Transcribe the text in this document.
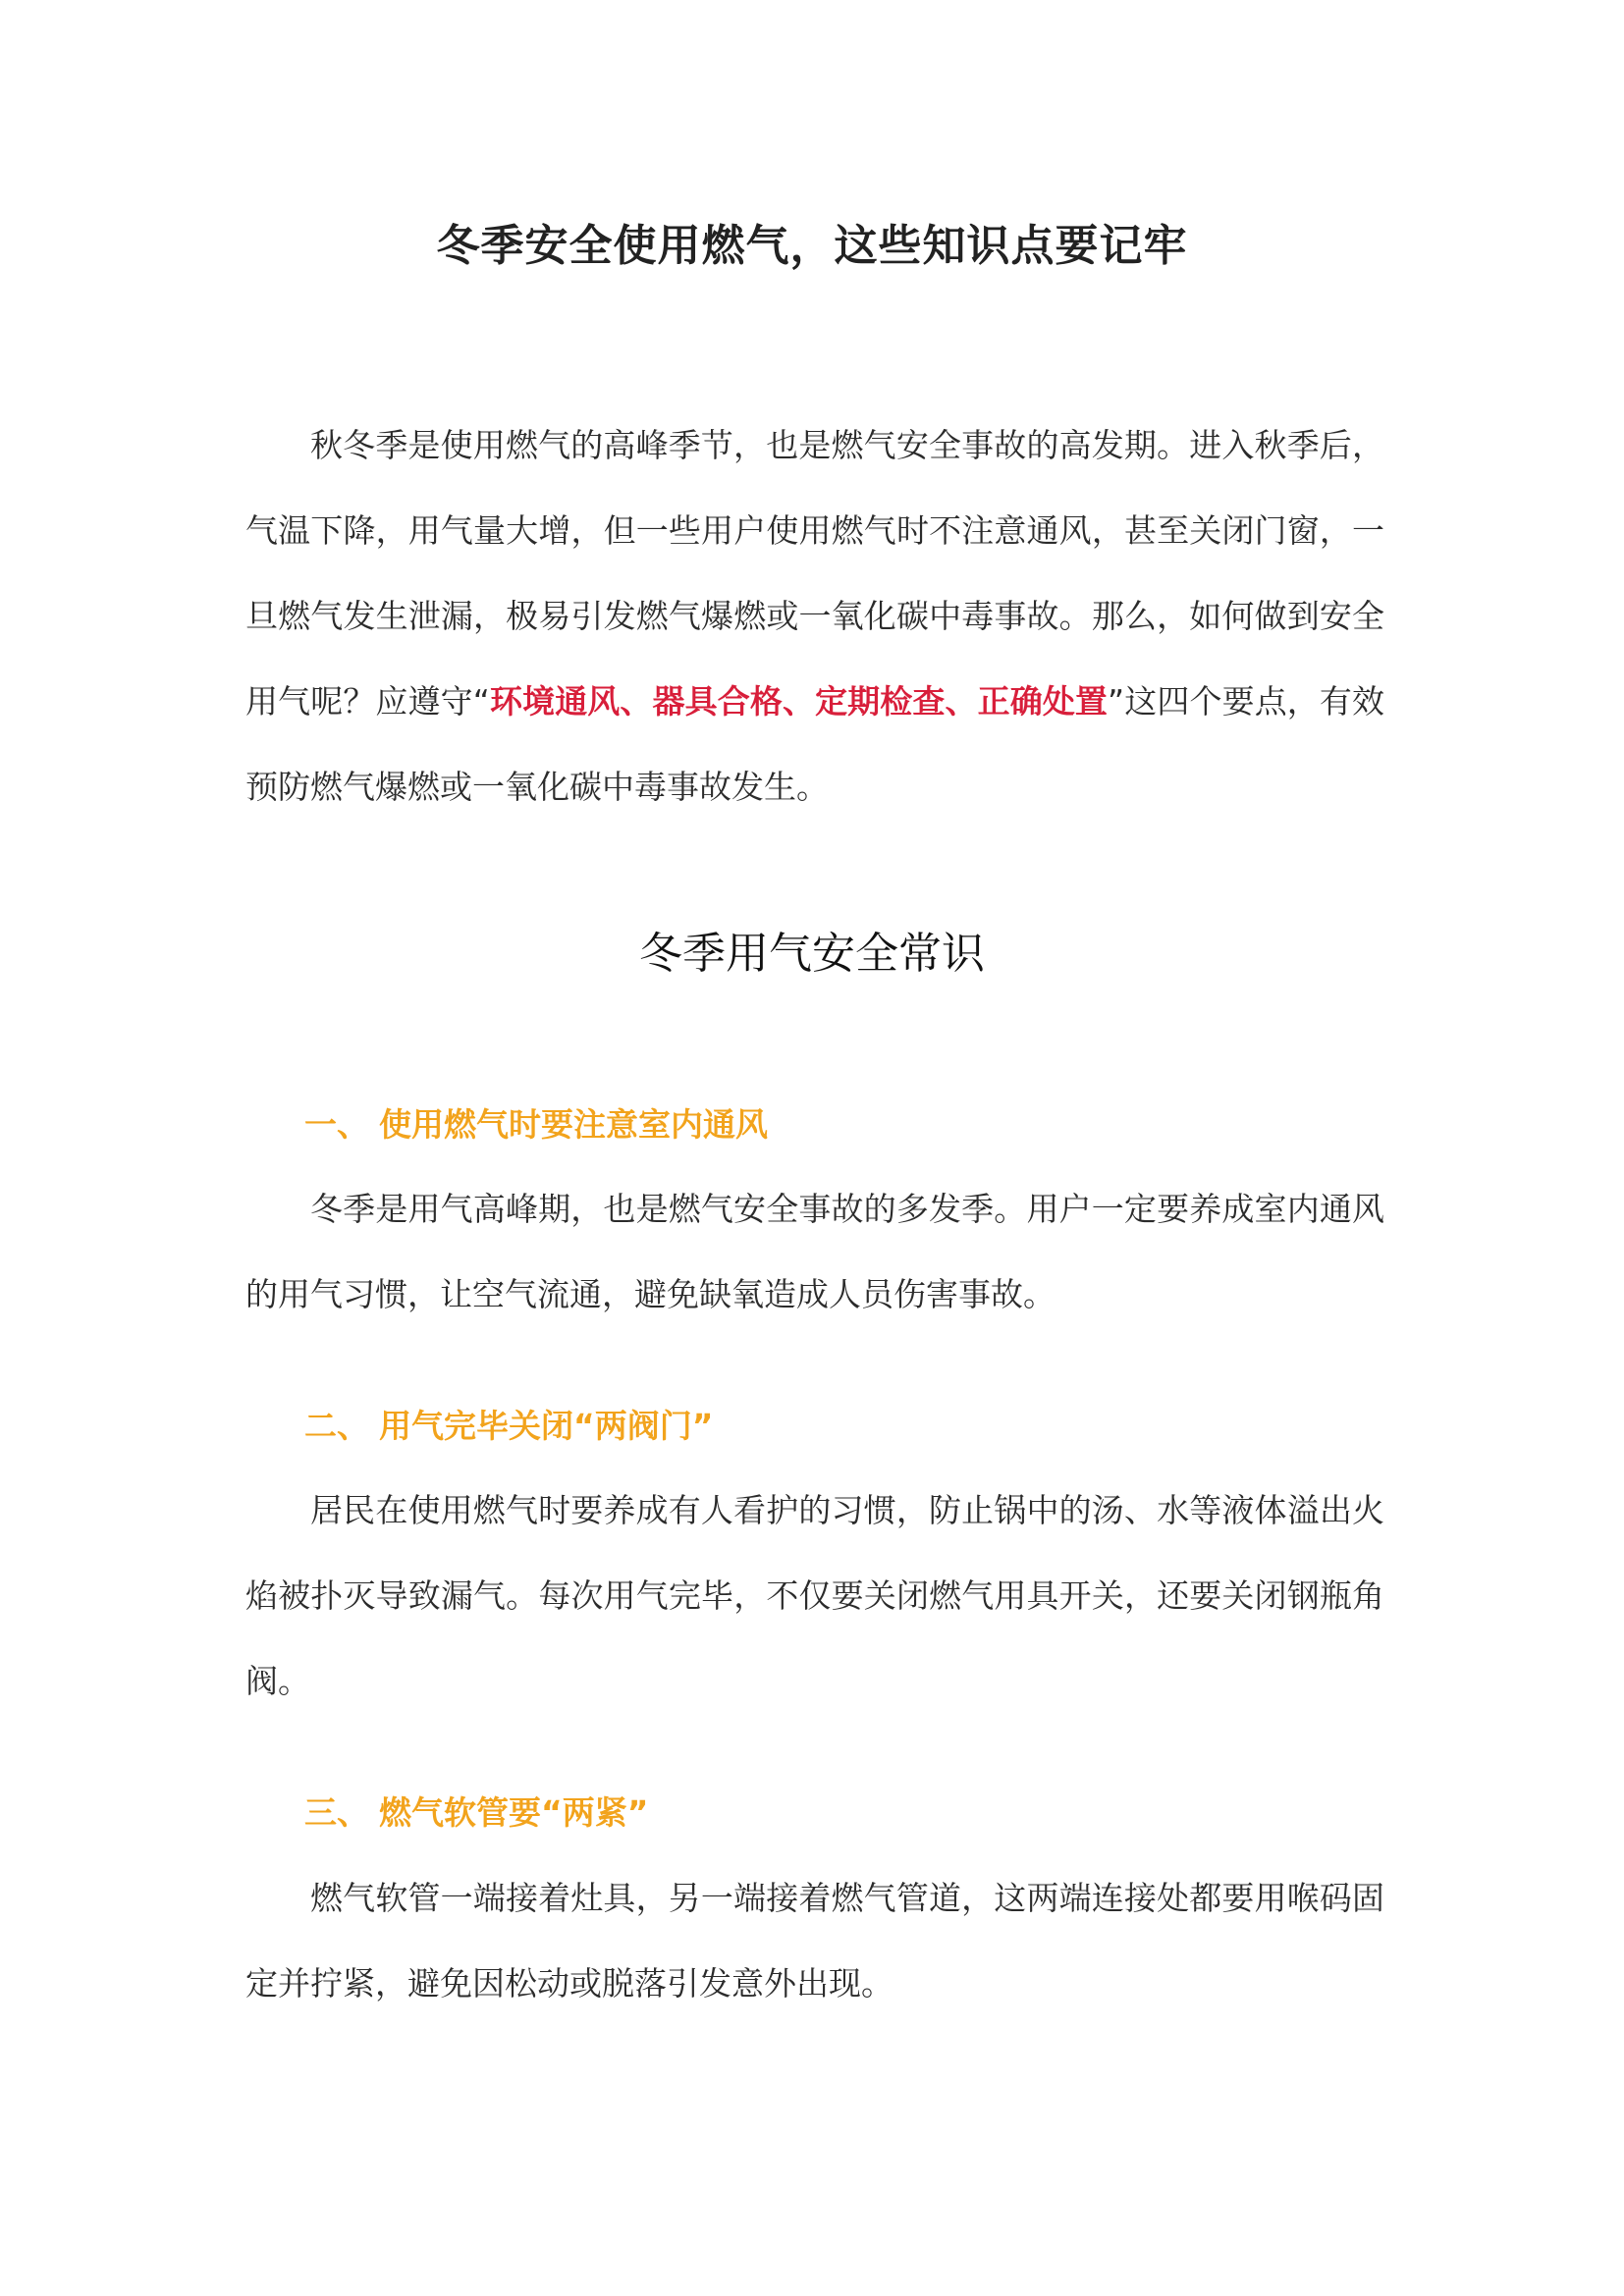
冬季安全使用燃气，这些知识点要记牢

秋冬季是使用燃气的高峰季节，也是燃气安全事故的高发期。进入秋季后，气温下降，用气量大增，但一些用户使用燃气时不注意通风，甚至关闭门窗，一旦燃气发生泄漏，极易引发燃气爆燃或一氧化碳中毒事故。那么，如何做到安全用气呢？应遵守“环境通风、器具合格、定期检查、正确处置”这四个要点，有效预防燃气爆燃或一氧化碳中毒事故发生。

冬季用气安全常识
一、 使用燃气时要注意室内通风

冬季是用气高峰期，也是燃气安全事故的多发季。用户一定要养成室内通风的用气习惯，让空气流通，避免缺氧造成人员伤害事故。

二、 用气完毕关闭“两阀门”

居民在使用燃气时要养成有人看护的习惯，防止锅中的汤、水等液体溢出火焰被扑灭导致漏气。每次用气完毕，不仅要关闭燃气用具开关，还要关闭钢瓶角阀。

三、 燃气软管要“两紧”

燃气软管一端接着灶具，另一端接着燃气管道，这两端连接处都要用喉码固定并拧紧，避免因松动或脱落引发意外出现。
